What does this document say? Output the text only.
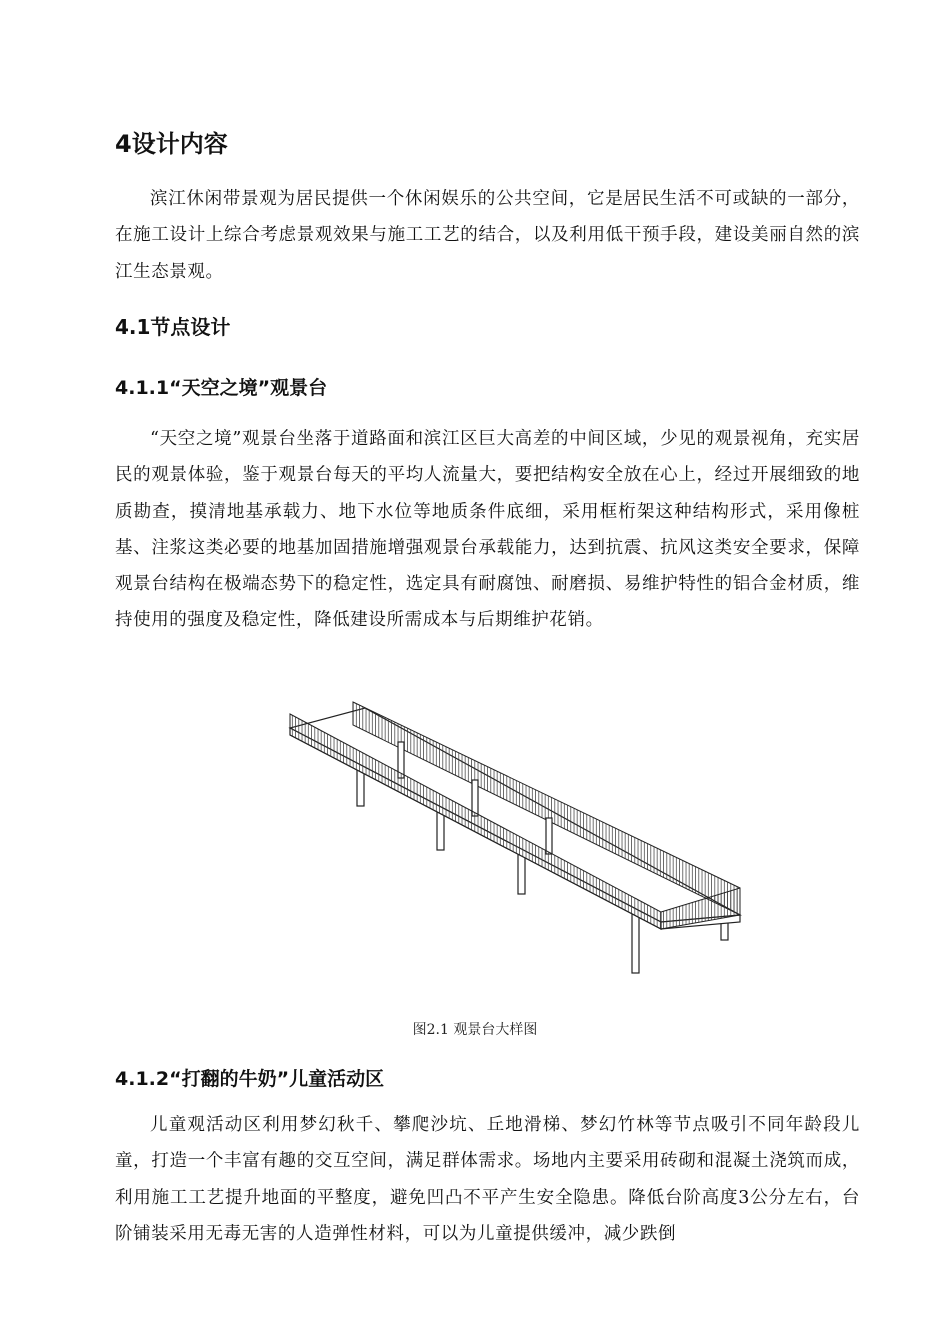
4设计内容

滨江休闲带景观为居民提供一个休闲娱乐的公共空间，它是居民生活不可或缺的一部分，在施工设计上综合考虑景观效果与施工工艺的结合，以及利用低干预手段，建设美丽自然的滨江生态景观。

4.1节点设计
4.1.1“天空之境”观景台

“天空之境”观景台坐落于道路面和滨江区巨大高差的中间区域，少见的观景视角，充实居民的观景体验，鉴于观景台每天的平均人流量大，要把结构安全放在心上，经过开展细致的地质勘查，摸清地基承载力、地下水位等地质条件底细，采用框桁架这种结构形式，采用像桩基、注浆这类必要的地基加固措施增强观景台承载能力，达到抗震、抗风这类安全要求，保障观景台结构在极端态势下的稳定性，选定具有耐腐蚀、耐磨损、易维护特性的铝合金材质，维持使用的强度及稳定性，降低建设所需成本与后期维护花销。

图2.1 观景台大样图
4.1.2“打翻的牛奶”儿童活动区

儿童观活动区利用梦幻秋千、攀爬沙坑、丘地滑梯、梦幻竹林等节点吸引不同年龄段儿童，打造一个丰富有趣的交互空间，满足群体需求。场地内主要采用砖砌和混凝土浇筑而成，利用施工工艺提升地面的平整度，避免凹凸不平产生安全隐患。降低台阶高度3公分左右，台阶铺装采用无毒无害的人造弹性材料，可以为儿童提供缓冲，减少跌倒
